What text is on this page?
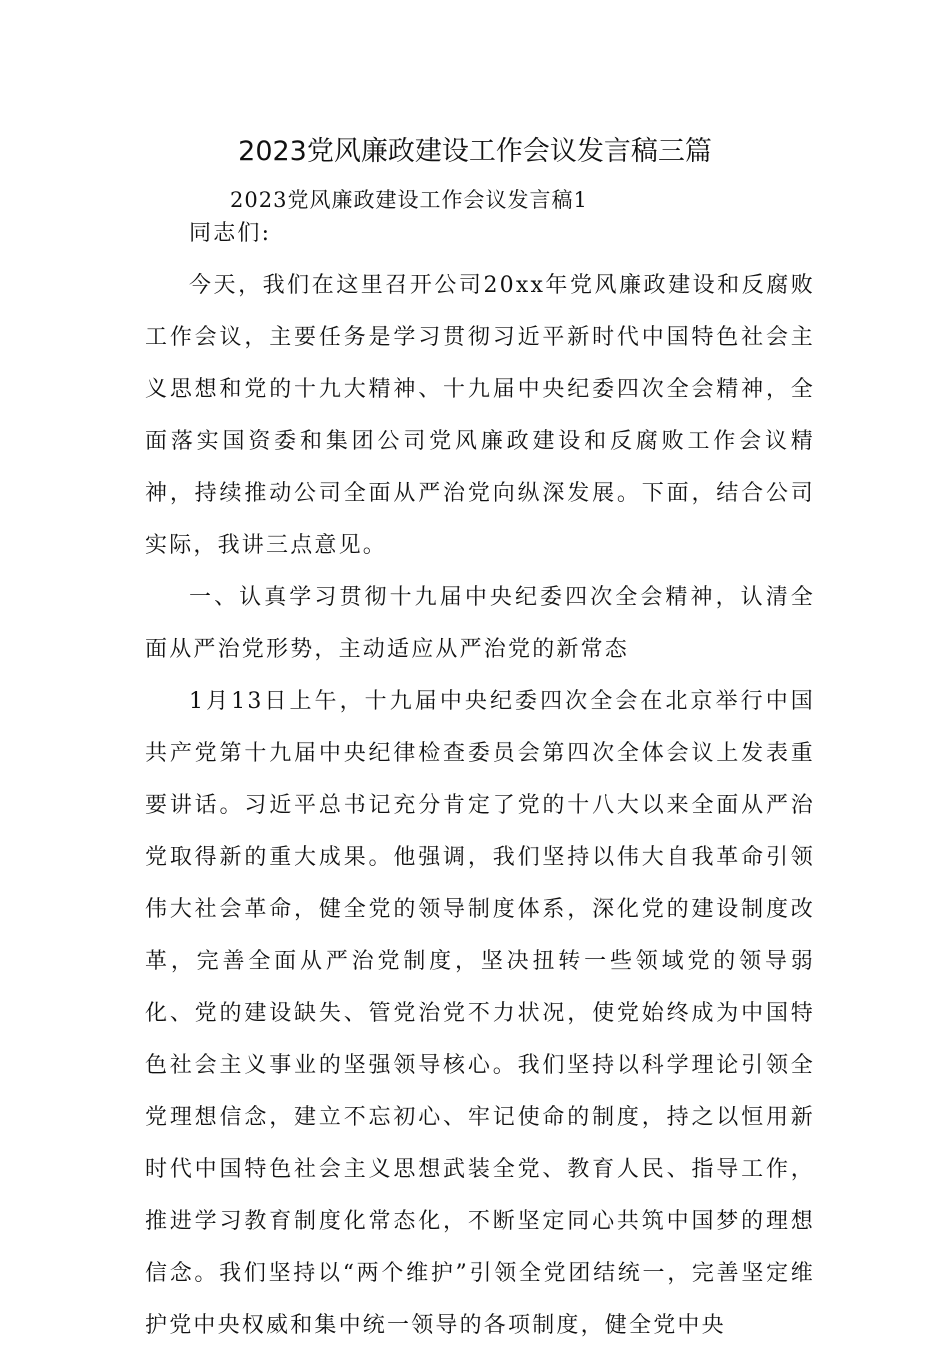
2023党风廉政建设工作会议发言稿三篇
2023党风廉政建设工作会议发言稿1

同志们:

今天，我们在这里召开公司20xx年党风廉政建设和反腐败工作会议，主要任务是学习贯彻习近平新时代中国特色社会主义思想和党的十九大精神、十九届中央纪委四次全会精神，全面落实国资委和集团公司党风廉政建设和反腐败工作会议精神，持续推动公司全面从严治党向纵深发展。下面，结合公司实际，我讲三点意见。

一、认真学习贯彻十九届中央纪委四次全会精神，认清全面从严治党形势，主动适应从严治党的新常态

1月13日上午，十九届中央纪委四次全会在北京举行中国共产党第十九届中央纪律检查委员会第四次全体会议上发表重要讲话。习近平总书记充分肯定了党的十八大以来全面从严治党取得新的重大成果。他强调，我们坚持以伟大自我革命引领伟大社会革命，健全党的领导制度体系，深化党的建设制度改革，完善全面从严治党制度，坚决扭转一些领域党的领导弱化、党的建设缺失、管党治党不力状况，使党始终成为中国特色社会主义事业的坚强领导核心。我们坚持以科学理论引领全党理想信念，建立不忘初心、牢记使命的制度，持之以恒用新时代中国特色社会主义思想武装全党、教育人民、指导工作，推进学习教育制度化常态化，不断坚定同心共筑中国梦的理想信念。我们坚持以“两个维护”引领全党团结统一，完善坚定维护党中央权威和集中统一领导的各项制度，健全党中央
